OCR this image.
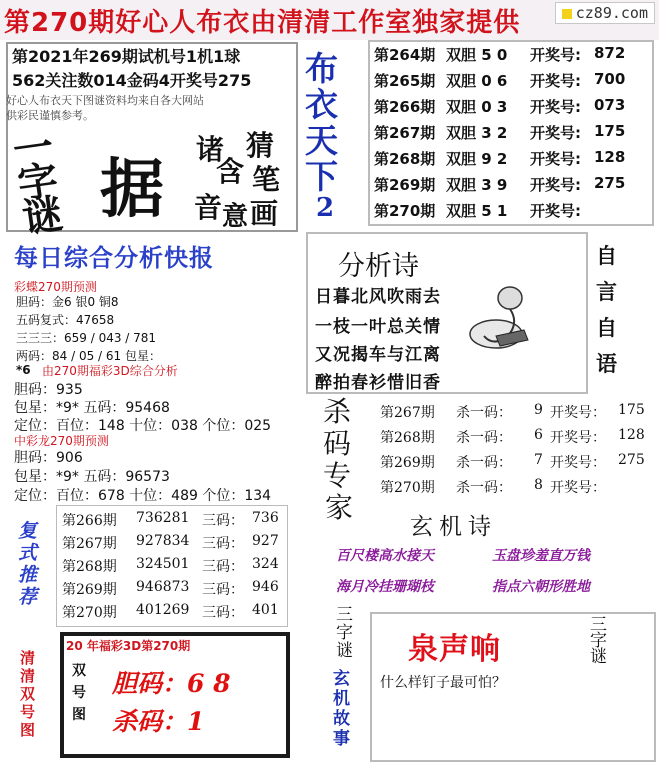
第270期好心人布衣由清清工作室独家提供	cz89.com
第2021年269期试机号1机1球
562关注数014金码4开奖号275
好心人布衣天下图谜资料均来自各大网站
供彩民谨慎参考。
一字谜 据
诸
含
猜
笔
画
音 意
布
衣
天
下
2
第264期 双胆 5 0 开奖号: 872
第265期 双胆 0 6 开奖号: 700
第266期 双胆 0 3 开奖号: 073
第267期 双胆 3 2 开奖号: 175
第268期 双胆 9 2 开奖号: 128
第269期 双胆 3 9 开奖号: 275
第270期 双胆 5 1 开奖号:
每日综合分析快报
彩蝶270期预测
胆码：金6 银0 铜8
五码复式：47658
三三三：659 / 043 / 781
两码：84 / 05 / 61 包星：
*6 由270期福彩3D综合分析
胆码：935
包星：*9* 五码：95468
定位：百位：148 十位：038 个位：025
中彩龙270期预测
胆码：906
包星：*9* 五码：96573
定位：百位：678 十位：489 个位：134
分析诗
日暮北风吹雨去
一枝一叶总关情
又况揭车与江离
醉拍春衫惜旧香
自
言
自
语
杀
码
专
家
第267期 杀一码： 9 开奖号： 175
第268期 杀一码： 6 开奖号： 128
第269期 杀一码： 7 开奖号： 275
第270期 杀一码： 8 开奖号：
玄机诗
百尺楼高水接天	玉盘珍羞直万钱
海月冷挂珊瑚枝	指点六朝形胜地
复
式
推
荐
第266期 736281 三码： 736
第267期 927834 三码： 927
第268期 324501 三码： 324
第269期 946873 三码： 946
第270期 401269 三码： 401
清
清
双
号
图
20 年福彩3D第270期
双
号
图
胆码：6 8
杀码：1
泉声响
什么样钉子最可怕？
三
字
谜
三
字
谜
玄
机
故
事
